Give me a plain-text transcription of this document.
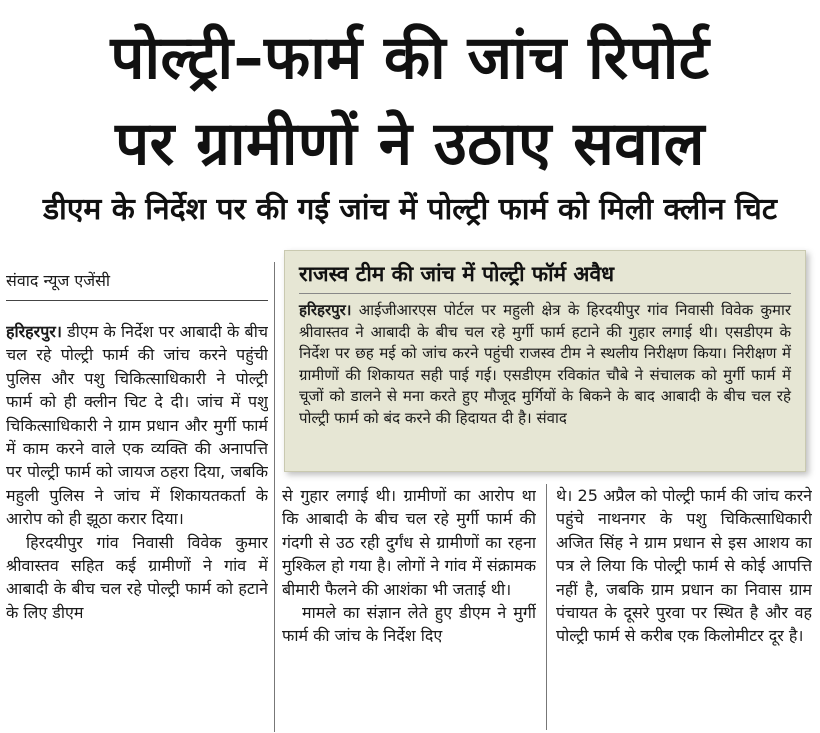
पोल्ट्री–फार्म की जांच रिपोर्ट
पर ग्रामीणों ने उठाए सवाल
डीएम के निर्देश पर की गई जांच में पोल्ट्री फार्म को मिली क्लीन चिट
संवाद न्यूज एजेंसी

हरिहरपुर। डीएम के निर्देश पर आबादी के बीच चल रहे पोल्ट्री फार्म की जांच करने पहुंची पुलिस और पशु चिकित्साधिकारी ने पोल्ट्री फार्म को ही क्लीन चिट दे दी। जांच में पशु चिकित्साधिकारी ने ग्राम प्रधान और मुर्गी फार्म में काम करने वाले एक व्यक्ति की अनापत्ति पर पोल्ट्री फार्म को जायज ठहरा दिया, जबकि महुली पुलिस ने जांच में शिकायतकर्ता के आरोप को ही झूठा करार दिया।

हिरदयीपुर गांव निवासी विवेक कुमार श्रीवास्तव सहित कई ग्रामीणों ने गांव में आबादी के बीच चल रहे पोल्ट्री फार्म को हटाने के लिए डीएम

राजस्व टीम की जांच में पोल्ट्री फॉर्म अवैध

हरिहरपुर। आईजीआरएस पोर्टल पर महुली क्षेत्र के हिरदयीपुर गांव निवासी विवेक कुमार श्रीवास्तव ने आबादी के बीच चल रहे मुर्गी फार्म हटाने की गुहार लगाई थी। एसडीएम के निर्देश पर छह मई को जांच करने पहुंची राजस्व टीम ने स्थलीय निरीक्षण किया। निरीक्षण में ग्रामीणों की शिकायत सही पाई गई। एसडीएम रविकांत चौबे ने संचालक को मुर्गी फार्म में चूजों को डालने से मना करते हुए मौजूद मुर्गियों के बिकने के बाद आबादी के बीच चल रहे पोल्ट्री फार्म को बंद करने की हिदायत दी है। संवाद

से गुहार लगाई थी। ग्रामीणों का आरोप था कि आबादी के बीच चल रहे मुर्गी फार्म की गंदगी से उठ रही दुर्गंध से ग्रामीणों का रहना मुश्किल हो गया है। लोगों ने गांव में संक्रामक बीमारी फैलने की आशंका भी जताई थी।

मामले का संज्ञान लेते हुए डीएम ने मुर्गी फार्म की जांच के निर्देश दिए

थे। 25 अप्रैल को पोल्ट्री फार्म की जांच करने पहुंचे नाथनगर के पशु चिकित्साधिकारी अजित सिंह ने ग्राम प्रधान से इस आशय का पत्र ले लिया कि पोल्ट्री फार्म से कोई आपत्ति नहीं है, जबकि ग्राम प्रधान का निवास ग्राम पंचायत के दूसरे पुरवा पर स्थित है और वह पोल्ट्री फार्म से करीब एक किलोमीटर दूर है।
